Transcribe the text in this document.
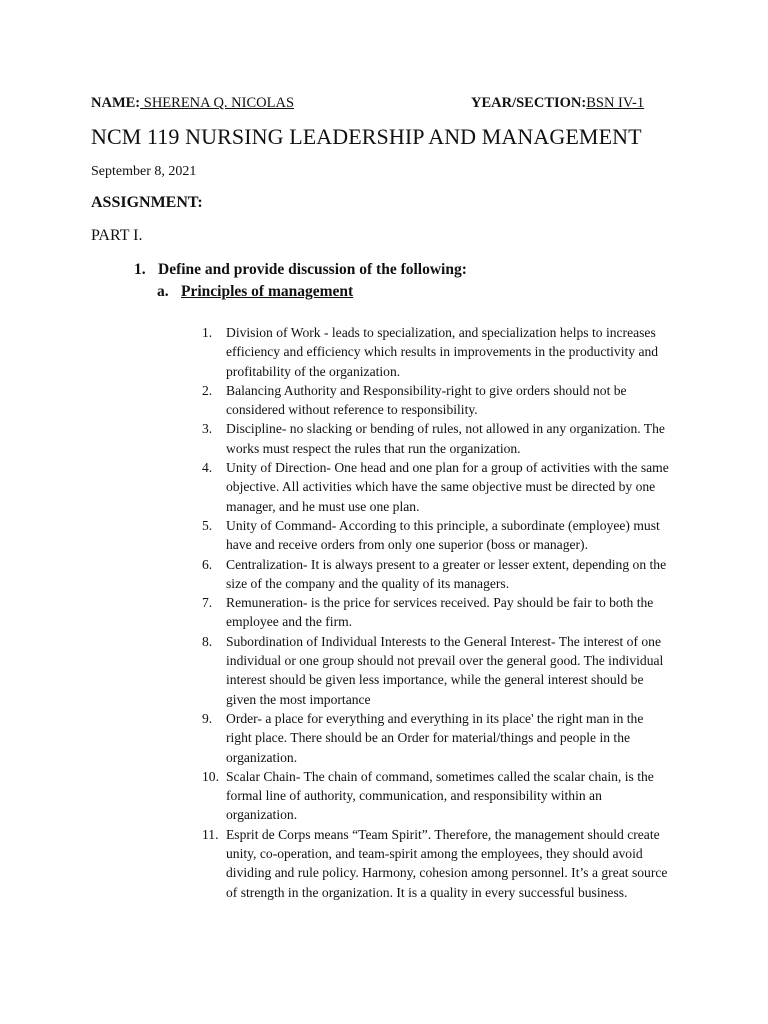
NAME: SHERENA Q. NICOLAS	YEAR/SECTION:BSN IV-1
NCM 119 NURSING LEADERSHIP AND MANAGEMENT
September 8, 2021
ASSIGNMENT:
PART I.
1. Define and provide discussion of the following:
a. Principles of management
1. Division of Work - leads to specialization, and specialization helps to increases efficiency and efficiency which results in improvements in the productivity and profitability of the organization.
2. Balancing Authority and Responsibility-right to give orders should not be considered without reference to responsibility.
3. Discipline- no slacking or bending of rules, not allowed in any organization. The works must respect the rules that run the organization.
4. Unity of Direction- One head and one plan for a group of activities with the same objective. All activities which have the same objective must be directed by one manager, and he must use one plan.
5. Unity of Command- According to this principle, a subordinate (employee) must have and receive orders from only one superior (boss or manager).
6. Centralization- It is always present to a greater or lesser extent, depending on the size of the company and the quality of its managers.
7. Remuneration- is the price for services received. Pay should be fair to both the employee and the firm.
8. Subordination of Individual Interests to the General Interest- The interest of one individual or one group should not prevail over the general good. The individual interest should be given less importance, while the general interest should be given the most importance
9. Order- a place for everything and everything in its place' the right man in the right place. There should be an Order for material/things and people in the organization.
10. Scalar Chain- The chain of command, sometimes called the scalar chain, is the formal line of authority, communication, and responsibility within an organization.
11. Esprit de Corps means “Team Spirit”. Therefore, the management should create unity, co-operation, and team-spirit among the employees, they should avoid dividing and rule policy. Harmony, cohesion among personnel. It’s a great source of strength in the organization. It is a quality in every successful business.
